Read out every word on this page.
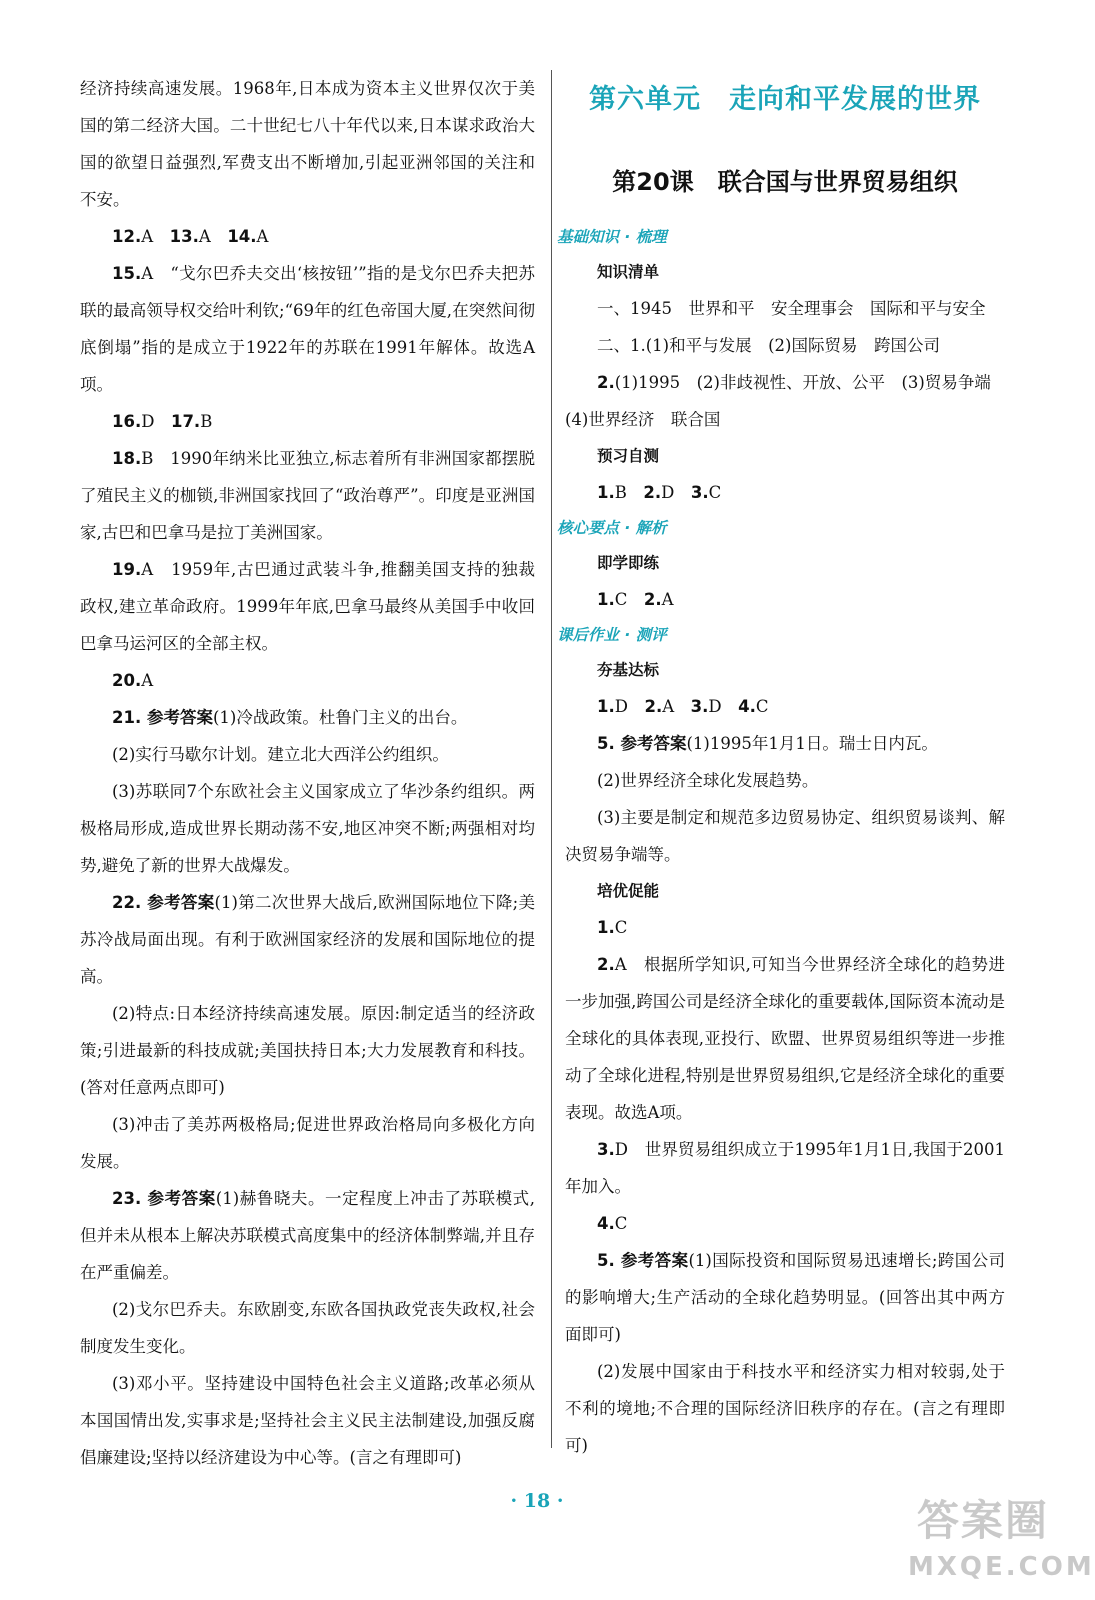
经济持续高速发展。1968年,日本成为资本主义世界仅次于美国的第二经济大国。二十世纪七八十年代以来,日本谋求政治大国的欲望日益强烈,军费支出不断增加,引起亚洲邻国的关注和不安。

12.A　13.A　14.A

15.A　“戈尔巴乔夫交出‘核按钮’”指的是戈尔巴乔夫把苏联的最高领导权交给叶利钦;“69年的红色帝国大厦,在突然间彻底倒塌”指的是成立于1922年的苏联在1991年解体。故选A项。

16.D　17.B

18.B　1990年纳米比亚独立,标志着所有非洲国家都摆脱了殖民主义的枷锁,非洲国家找回了“政治尊严”。印度是亚洲国家,古巴和巴拿马是拉丁美洲国家。

19.A　1959年,古巴通过武装斗争,推翻美国支持的独裁政权,建立革命政府。1999年年底,巴拿马最终从美国手中收回巴拿马运河区的全部主权。

20.A

21. 参考答案(1)冷战政策。杜鲁门主义的出台。

(2)实行马歇尔计划。建立北大西洋公约组织。

(3)苏联同7个东欧社会主义国家成立了华沙条约组织。两极格局形成,造成世界长期动荡不安,地区冲突不断;两强相对均势,避免了新的世界大战爆发。

22. 参考答案(1)第二次世界大战后,欧洲国际地位下降;美苏冷战局面出现。有利于欧洲国家经济的发展和国际地位的提高。

(2)特点:日本经济持续高速发展。原因:制定适当的经济政策;引进最新的科技成就;美国扶持日本;大力发展教育和科技。(答对任意两点即可)

(3)冲击了美苏两极格局;促进世界政治格局向多极化方向发展。

23. 参考答案(1)赫鲁晓夫。一定程度上冲击了苏联模式,但并未从根本上解决苏联模式高度集中的经济体制弊端,并且存在严重偏差。

(2)戈尔巴乔夫。东欧剧变,东欧各国执政党丧失政权,社会制度发生变化。

(3)邓小平。坚持建设中国特色社会主义道路;改革必须从本国国情出发,实事求是;坚持社会主义民主法制建设,加强反腐倡廉建设;坚持以经济建设为中心等。(言之有理即可)

第六单元　走向和平发展的世界
第20课　联合国与世界贸易组织
基础知识 · 梳理
知识清单

一、1945　世界和平　安全理事会　国际和平与安全

二、1.(1)和平与发展　(2)国际贸易　跨国公司

2.(1)1995　(2)非歧视性、开放、公平　(3)贸易争端

(4)世界经济　联合国

预习自测

1.B　2.D　3.C

核心要点 · 解析
即学即练

1.C　2.A

课后作业 · 测评
夯基达标

1.D　2.A　3.D　4.C

5. 参考答案(1)1995年1月1日。瑞士日内瓦。

(2)世界经济全球化发展趋势。

(3)主要是制定和规范多边贸易协定、组织贸易谈判、解决贸易争端等。

培优促能

1.C

2.A　根据所学知识,可知当今世界经济全球化的趋势进一步加强,跨国公司是经济全球化的重要载体,国际资本流动是全球化的具体表现,亚投行、欧盟、世界贸易组织等进一步推动了全球化进程,特别是世界贸易组织,它是经济全球化的重要表现。故选A项。

3.D　世界贸易组织成立于1995年1月1日,我国于2001年加入。

4.C

5. 参考答案(1)国际投资和国际贸易迅速增长;跨国公司的影响增大;生产活动的全球化趋势明显。(回答出其中两方面即可)

(2)发展中国家由于科技水平和经济实力相对较弱,处于不利的境地;不合理的国际经济旧秩序的存在。(言之有理即可)

· 18 ·	答案圈
MXQE.COM
